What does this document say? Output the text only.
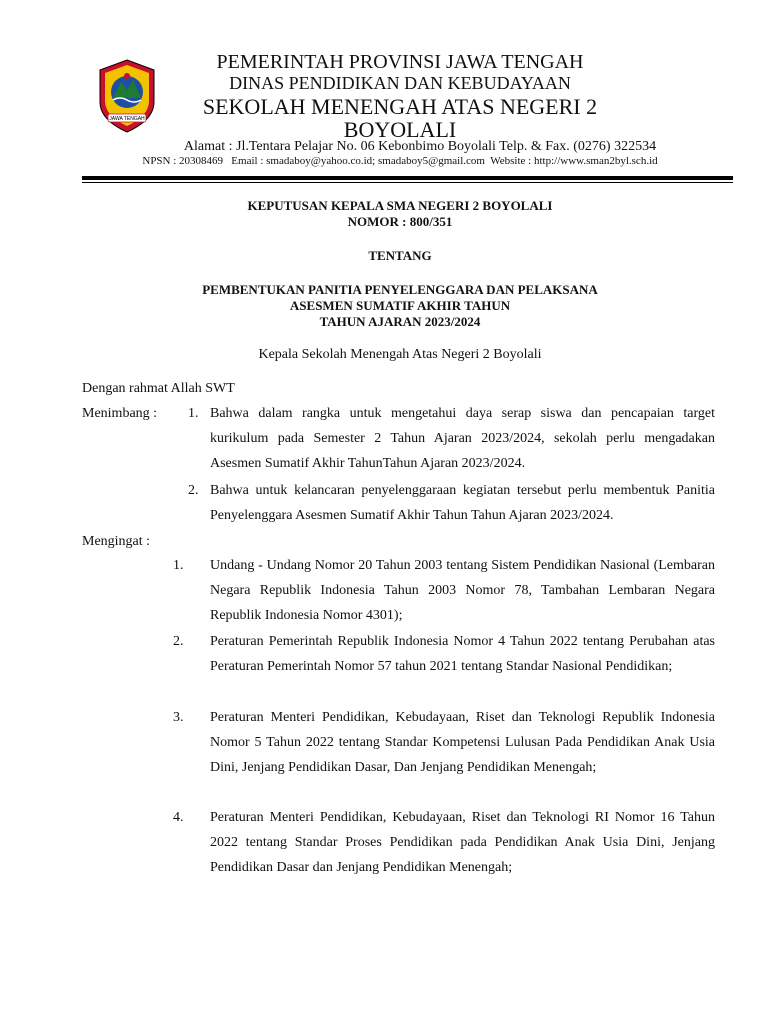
JAWA TENGAH
PEMERINTAH PROVINSI JAWA TENGAH
DINAS PENDIDIKAN DAN KEBUDAYAAN
SEKOLAH MENENGAH ATAS NEGERI 2
BOYOLALI
Alamat : Jl.Tentara Pelajar No. 06 Kebonbimo Boyolali Telp. & Fax. (0276) 322534
NPSN : 20308469   Email : smadaboy@yahoo.co.id; smadaboy5@gmail.com  Website : http://www.sman2byl.sch.id
KEPUTUSAN KEPALA SMA NEGERI 2 BOYOLALI
NOMOR : 800/351
TENTANG
PEMBENTUKAN PANITIA PENYELENGGARA DAN PELAKSANA
ASESMEN SUMATIF AKHIR TAHUN
TAHUN AJARAN 2023/2024
Kepala Sekolah Menengah Atas Negeri 2 Boyolali
Dengan rahmat Allah SWT
Menimbang : 1. Bahwa dalam rangka untuk mengetahui daya serap siswa dan pencapaian target kurikulum pada Semester 2 Tahun Ajaran 2023/2024, sekolah perlu mengadakan Asesmen Sumatif Akhir TahunTahun Ajaran 2023/2024.
2. Bahwa untuk kelancaran penyelenggaraan kegiatan tersebut perlu membentuk Panitia Penyelenggara Asesmen Sumatif Akhir Tahun Tahun Ajaran 2023/2024.
Mengingat :
1. Undang - Undang Nomor 20 Tahun 2003 tentang Sistem Pendidikan Nasional (Lembaran Negara Republik Indonesia Tahun 2003 Nomor 78, Tambahan Lembaran Negara Republik Indonesia Nomor 4301);
2. Peraturan Pemerintah Republik Indonesia Nomor 4 Tahun 2022 tentang Perubahan atas Peraturan Pemerintah Nomor 57 tahun 2021 tentang Standar Nasional Pendidikan;
3. Peraturan Menteri Pendidikan, Kebudayaan, Riset dan Teknologi Republik Indonesia Nomor 5 Tahun 2022 tentang Standar Kompetensi Lulusan Pada Pendidikan Anak Usia Dini, Jenjang Pendidikan Dasar, Dan Jenjang Pendidikan Menengah;
4. Peraturan Menteri Pendidikan, Kebudayaan, Riset dan Teknologi RI Nomor 16 Tahun 2022 tentang Standar Proses Pendidikan pada Pendidikan Anak Usia Dini, Jenjang Pendidikan Dasar dan Jenjang Pendidikan Menengah;
